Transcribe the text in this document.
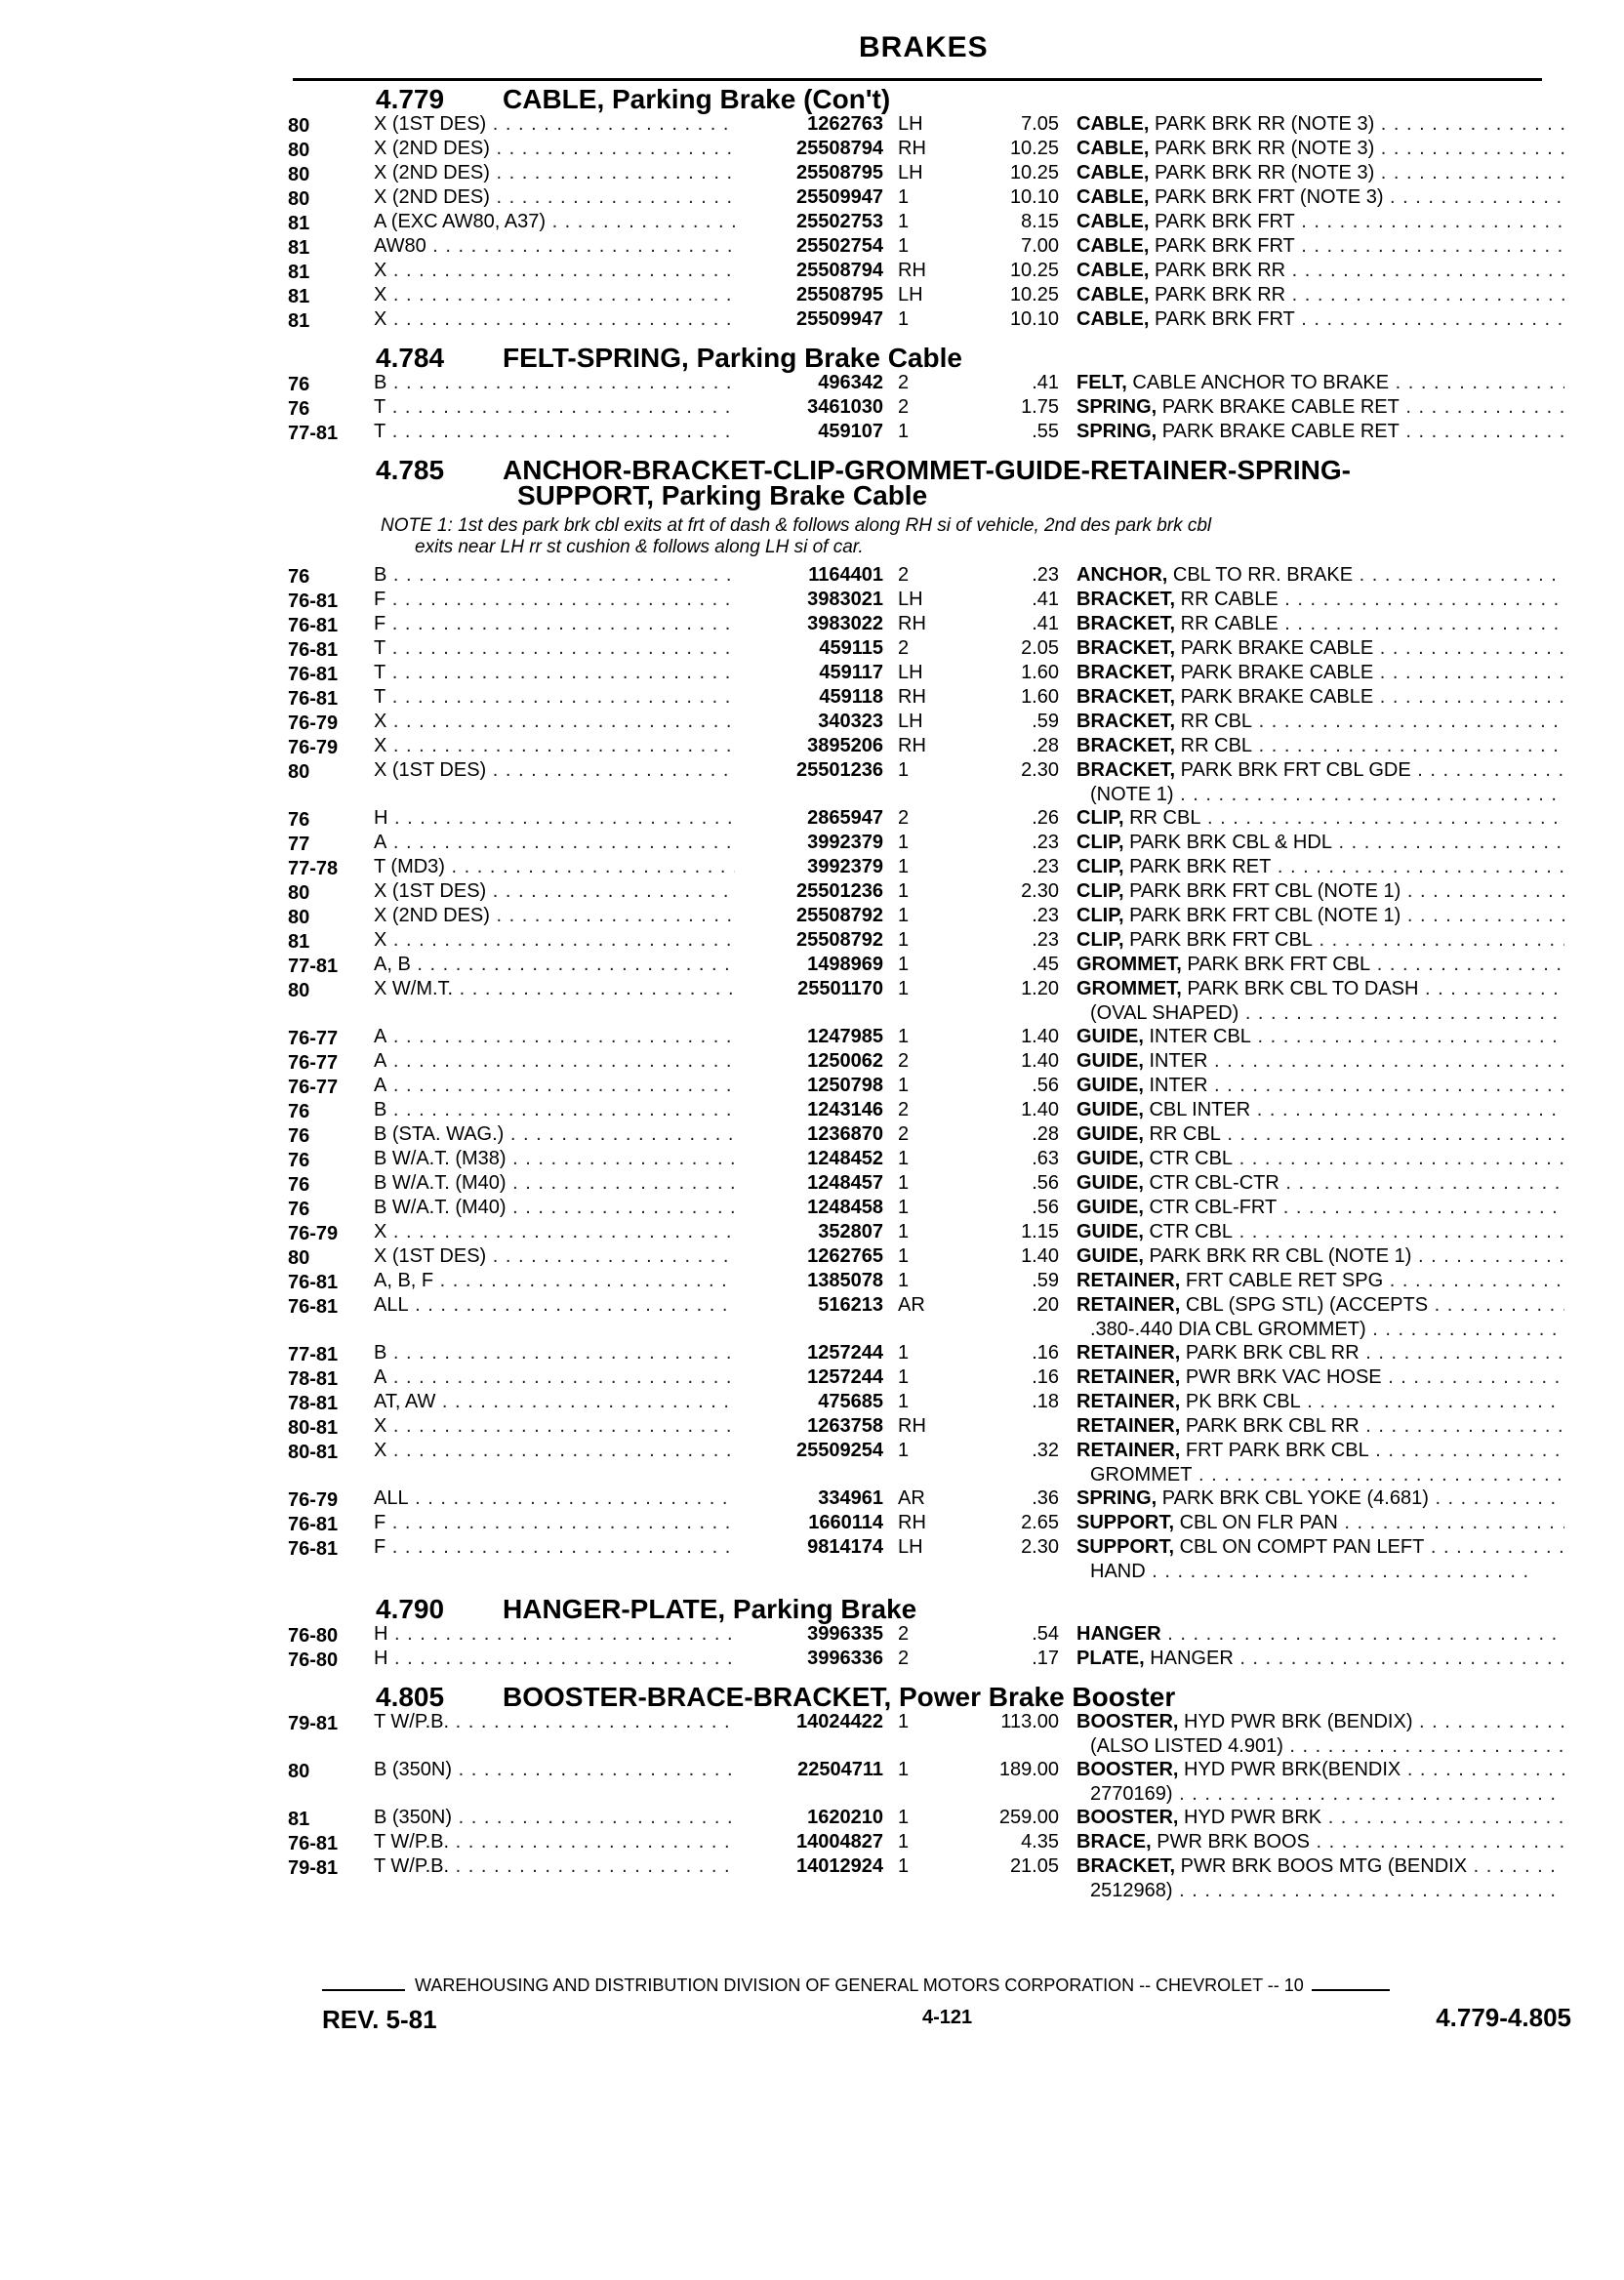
BRAKES
4.779 CABLE, Parking Brake (Con't)
80	X (1ST DES) . . .	1262763 LH	7.05 CABLE, PARK BRK RR (NOTE 3) . . .
80	X (2ND DES) . . .	25508794 RH	10.25 CABLE, PARK BRK RR (NOTE 3) . . .
80	X (2ND DES) . . .	25508795 LH	10.25 CABLE, PARK BRK RR (NOTE 3) . . .
80	X (2ND DES) . . .	25509947 1	10.10 CABLE, PARK BRK FRT (NOTE 3) . . .
81	A (EXC AW80, A37) . . .	25502753 1	8.15 CABLE, PARK BRK FRT . . .
81	AW80 . . .	25502754 1	7.00 CABLE, PARK BRK FRT . . .
81	X . . .	25508794 RH	10.25 CABLE, PARK BRK RR . . .
81	X . . .	25508795 LH	10.25 CABLE, PARK BRK RR . . .
81	X . . .	25509947 1	10.10 CABLE, PARK BRK FRT . . .
4.784 FELT-SPRING, Parking Brake Cable
76	B . . .	496342 2	.41 FELT, CABLE ANCHOR TO BRAKE . . .
76	T . . .	3461030 2	1.75 SPRING, PARK BRAKE CABLE RET . . .
77-81 T . . .	459107 1	.55 SPRING, PARK BRAKE CABLE RET . . .
4.785 ANCHOR-BRACKET-CLIP-GROMMET-GUIDE-RETAINER-SPRING-
SUPPORT, Parking Brake Cable
NOTE 1: 1st des park brk cbl exits at frt of dash & follows along RH si of vehicle, 2nd des park brk cbl
exits near LH rr st cushion & follows along LH si of car.
76	B . . .	1164401 2	.23 ANCHOR, CBL TO RR. BRAKE . . .
76-81 F . . .	3983021 LH	.41 BRACKET, RR CABLE . . .
76-81 F . . .	3983022 RH	.41 BRACKET, RR CABLE . . .
76-81 T . . .	459115 2	2.05 BRACKET, PARK BRAKE CABLE . . .
76-81 T . . .	459117 LH	1.60 BRACKET, PARK BRAKE CABLE . . .
76-81 T . . .	459118 RH	1.60 BRACKET, PARK BRAKE CABLE . . .
76-79 X . . .	340323 LH	.59 BRACKET, RR CBL . . .
76-79 X . . .	3895206 RH	.28 BRACKET, RR CBL . . .
80	X (1ST DES) . . .	25501236 1	2.30 BRACKET, PARK BRK FRT CBL GDE . . .
(NOTE 1) . . .
76	H . . .	2865947 2	.26 CLIP, RR CBL . . .
77	A . . .	3992379 1	.23 CLIP, PARK BRK CBL & HDL . . .
77-78 T (MD3) . . .	3992379 1	.23 CLIP, PARK BRK RET . . .
80	X (1ST DES) . . .	25501236 1	2.30 CLIP, PARK BRK FRT CBL (NOTE 1) . . .
80	X (2ND DES) . . .	25508792 1	.23 CLIP, PARK BRK FRT CBL (NOTE 1) . . .
81	X . . .	25508792 1	.23 CLIP, PARK BRK FRT CBL . . .
77-81 A, B . . .	1498969 1	.45 GROMMET, PARK BRK FRT CBL . . .
80	X W/M.T. . . .	25501170 1	1.20 GROMMET, PARK BRK CBL TO DASH . . .
(OVAL SHAPED) . . .
76-77 A . . .	1247985 1	1.40 GUIDE, INTER CBL . . .
76-77 A . . .	1250062 2	1.40 GUIDE, INTER . . .
76-77 A . . .	1250798 1	.56 GUIDE, INTER . . .
76	B . . .	1243146 2	1.40 GUIDE, CBL INTER . . .
76	B (STA. WAG.) . . .	1236870 2	.28 GUIDE, RR CBL . . .
76	B W/A.T. (M38) . . .	1248452 1	.63 GUIDE, CTR CBL . . .
76	B W/A.T. (M40) . . .	1248457 1	.56 GUIDE, CTR CBL-CTR . . .
76	B W/A.T. (M40) . . .	1248458 1	.56 GUIDE, CTR CBL-FRT . . .
76-79 X . . .	352807 1	1.15 GUIDE, CTR CBL . . .
80	X (1ST DES) . . .	1262765 1	1.40 GUIDE, PARK BRK RR CBL (NOTE 1) . . .
76-81 A, B, F . . .	1385078 1	.59 RETAINER, FRT CABLE RET SPG . . .
76-81 ALL . . .	516213 AR	.20 RETAINER, CBL (SPG STL) (ACCEPTS . . .
.380-.440 DIA CBL GROMMET) . . .
77-81 B . . .	1257244 1	.16 RETAINER, PARK BRK CBL RR . . .
78-81 A . . .	1257244 1	.16 RETAINER, PWR BRK VAC HOSE . . .
78-81 AT, AW . . .	475685 1	.18 RETAINER, PK BRK CBL . . .
80-81 X . . .	1263758 RH	RETAINER, PARK BRK CBL RR . . .
80-81 X . . .	25509254 1	.32 RETAINER, FRT PARK BRK CBL . . .
GROMMET . . .
76-79 ALL . . .	334961 AR	.36 SPRING, PARK BRK CBL YOKE (4.681) . . .
76-81 F . . .	1660114 RH	2.65 SUPPORT, CBL ON FLR PAN . . .
76-81 F . . .	9814174 LH	2.30 SUPPORT, CBL ON COMPT PAN LEFT . . .
HAND . . .
4.790 HANGER-PLATE, Parking Brake
76-80 H . . .	3996335 2	.54 HANGER . . .
76-80 H . . .	3996336 2	.17 PLATE, HANGER . . .
4.805 BOOSTER-BRACE-BRACKET, Power Brake Booster
79-81 T W/P.B. . . .	14024422 1	113.00 BOOSTER, HYD PWR BRK (BENDIX) . . .
(ALSO LISTED 4.901) . . .
80	B (350N) . . .	22504711 1	189.00 BOOSTER, HYD PWR BRK(BENDIX . . .
2770169) . . .
81	B (350N) . . .	1620210 1	259.00 BOOSTER, HYD PWR BRK . . .
76-81 T W/P.B. . . .	14004827 1	4.35 BRACE, PWR BRK BOOS . . .
79-81 T W/P.B. . . .	14012924 1	21.05 BRACKET, PWR BRK BOOS MTG (BENDIX . . .
2512968) . . .
WAREHOUSING AND DISTRIBUTION DIVISION OF GENERAL MOTORS CORPORATION -- CHEVROLET -- 10
REV. 5-81	4-121	4.779-4.805
